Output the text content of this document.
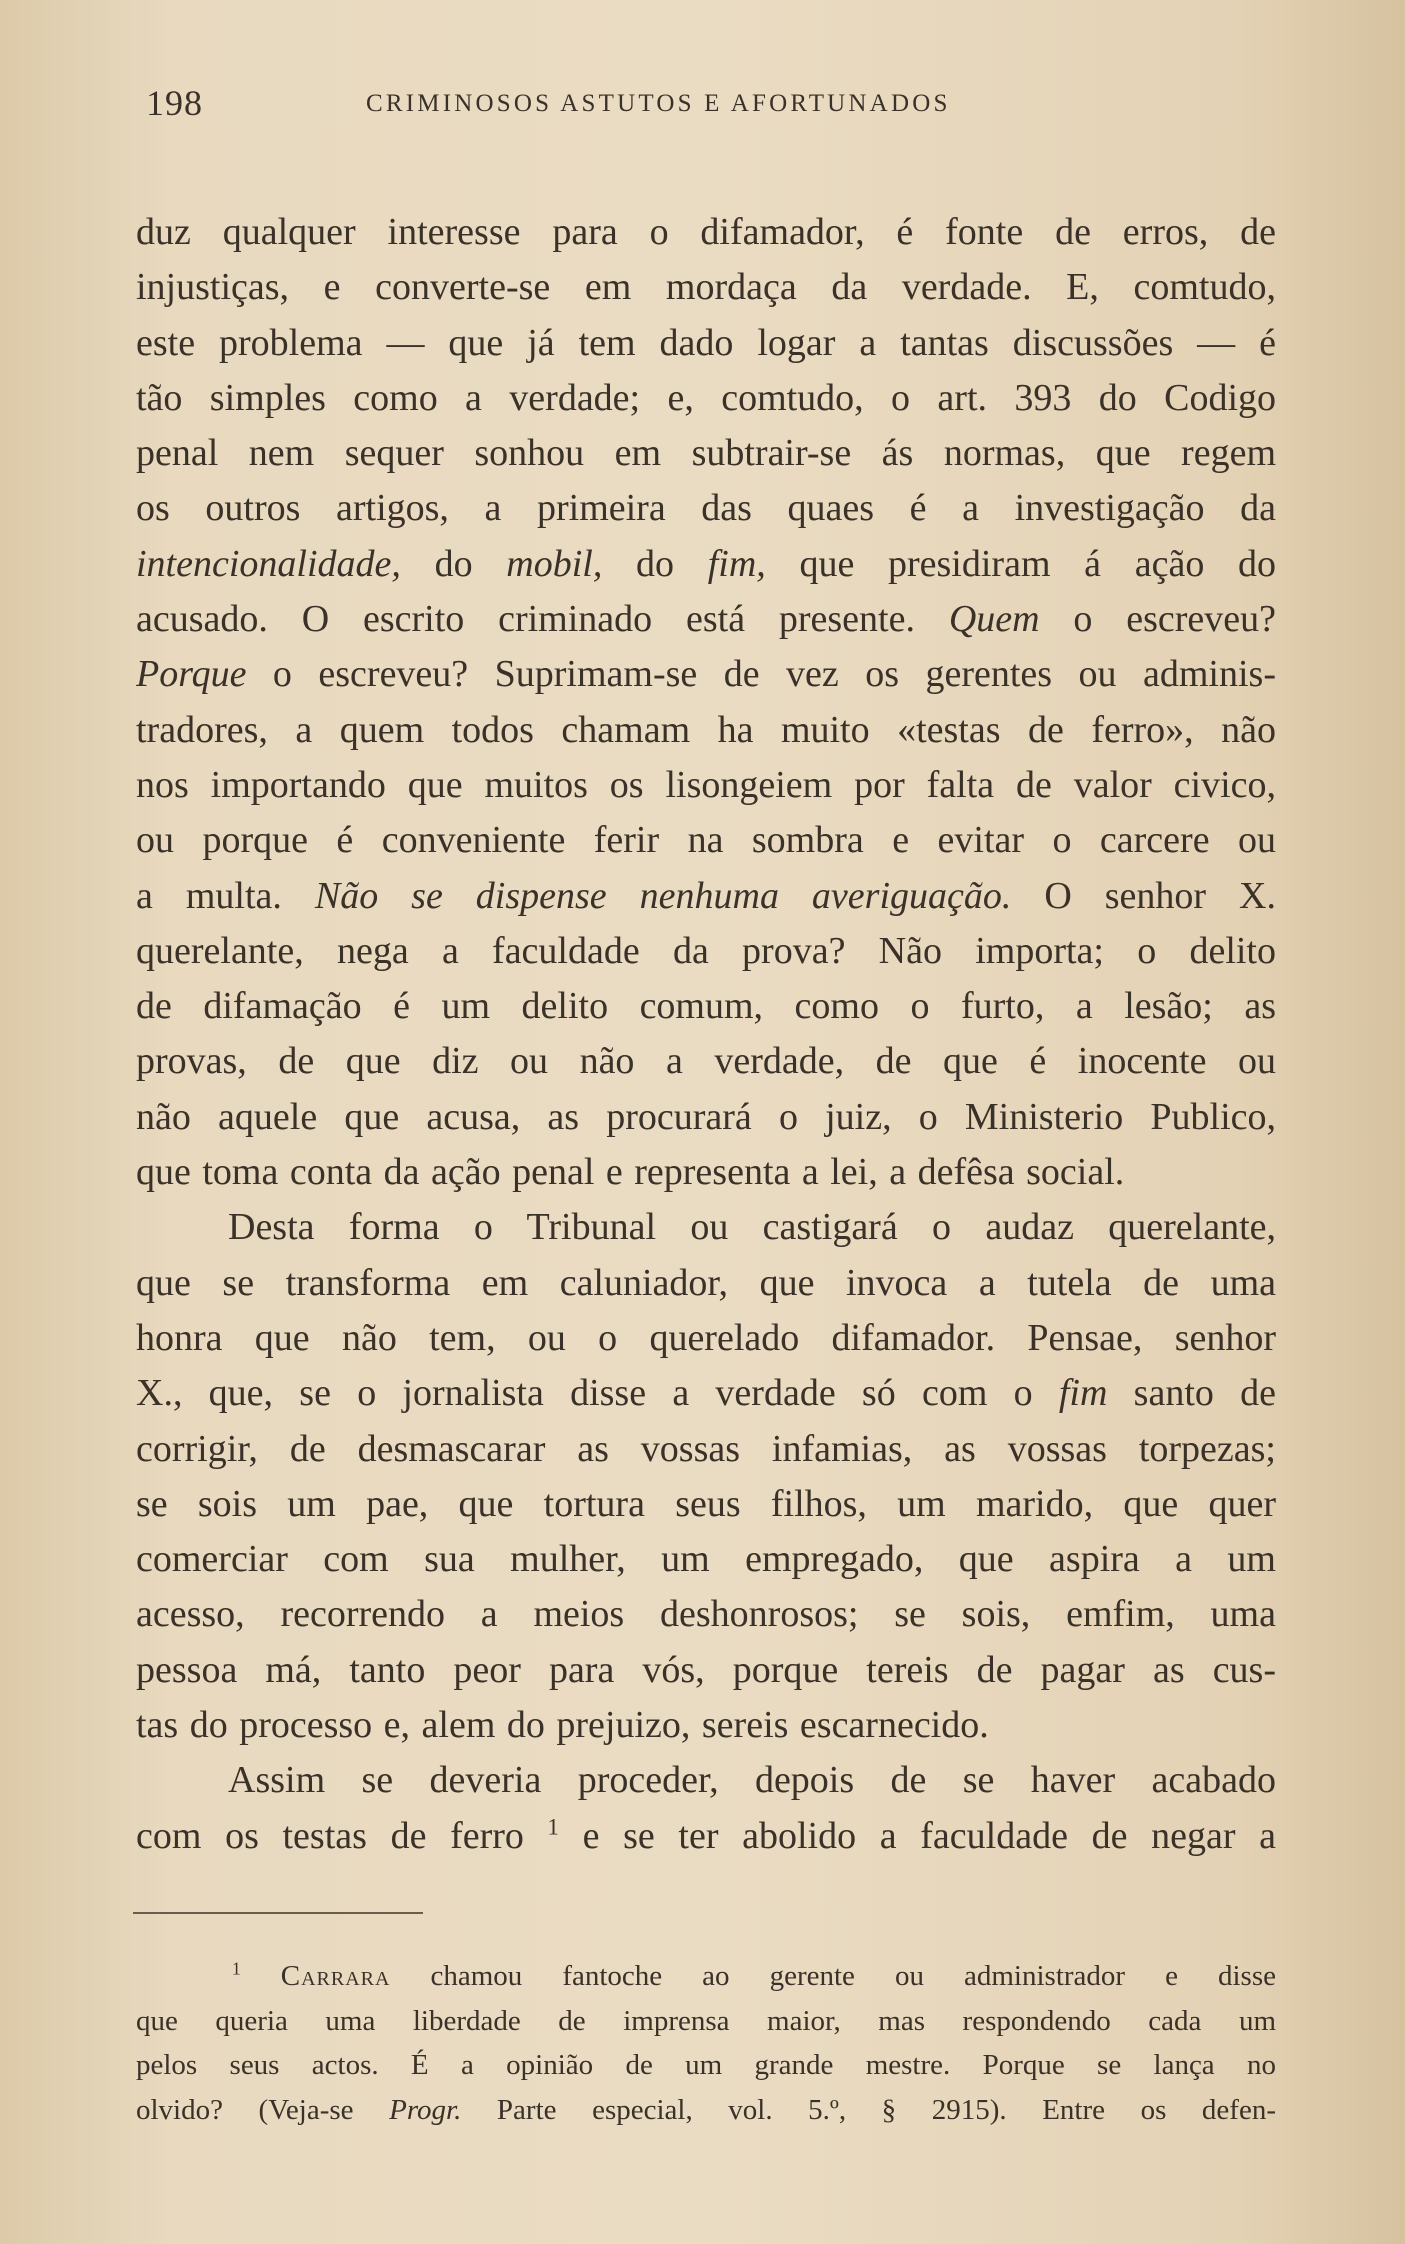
198	CRIMINOSOS ASTUTOS E AFORTUNADOS
duz qualquer interesse para o difamador, é fonte de erros, de
injustiças, e converte-se em mordaça da verdade. E, comtudo,
este problema — que já tem dado logar a tantas discussões — é
tão simples como a verdade; e, comtudo, o art. 393 do Codigo
penal nem sequer sonhou em subtrair-se ás normas, que regem
os outros artigos, a primeira das quaes é a investigação da
intencionalidade, do mobil, do fim, que presidiram á ação do
acusado. O escrito criminado está presente. Quem o escreveu?
Porque o escreveu? Suprimam-se de vez os gerentes ou adminis-
tradores, a quem todos chamam ha muito «testas de ferro», não
nos importando que muitos os lisongeiem por falta de valor civico,
ou porque é conveniente ferir na sombra e evitar o carcere ou
a multa. Não se dispense nenhuma averiguação. O senhor X.
querelante, nega a faculdade da prova? Não importa; o delito
de difamação é um delito comum, como o furto, a lesão; as
provas, de que diz ou não a verdade, de que é inocente ou
não aquele que acusa, as procurará o juiz, o Ministerio Publico,
que toma conta da ação penal e representa a lei, a defêsa social.
Desta forma o Tribunal ou castigará o audaz querelante,
que se transforma em caluniador, que invoca a tutela de uma
honra que não tem, ou o querelado difamador. Pensae, senhor
X., que, se o jornalista disse a verdade só com o fim santo de
corrigir, de desmascarar as vossas infamias, as vossas torpezas;
se sois um pae, que tortura seus filhos, um marido, que quer
comerciar com sua mulher, um empregado, que aspira a um
acesso, recorrendo a meios deshonrosos; se sois, emfim, uma
pessoa má, tanto peor para vós, porque tereis de pagar as cus-
tas do processo e, alem do prejuizo, sereis escarnecido.
Assim se deveria proceder, depois de se haver acabado
com os testas de ferro $^1$ e se ter abolido a faculdade de negar a
$^1$ Carrara chamou fantoche ao gerente ou administrador e disse
que queria uma liberdade de imprensa maior, mas respondendo cada um
pelos seus actos. É a opinião de um grande mestre. Porque se lança no
olvido? (Veja-se Progr. Parte especial, vol. 5.º, § 2915). Entre os defen-
